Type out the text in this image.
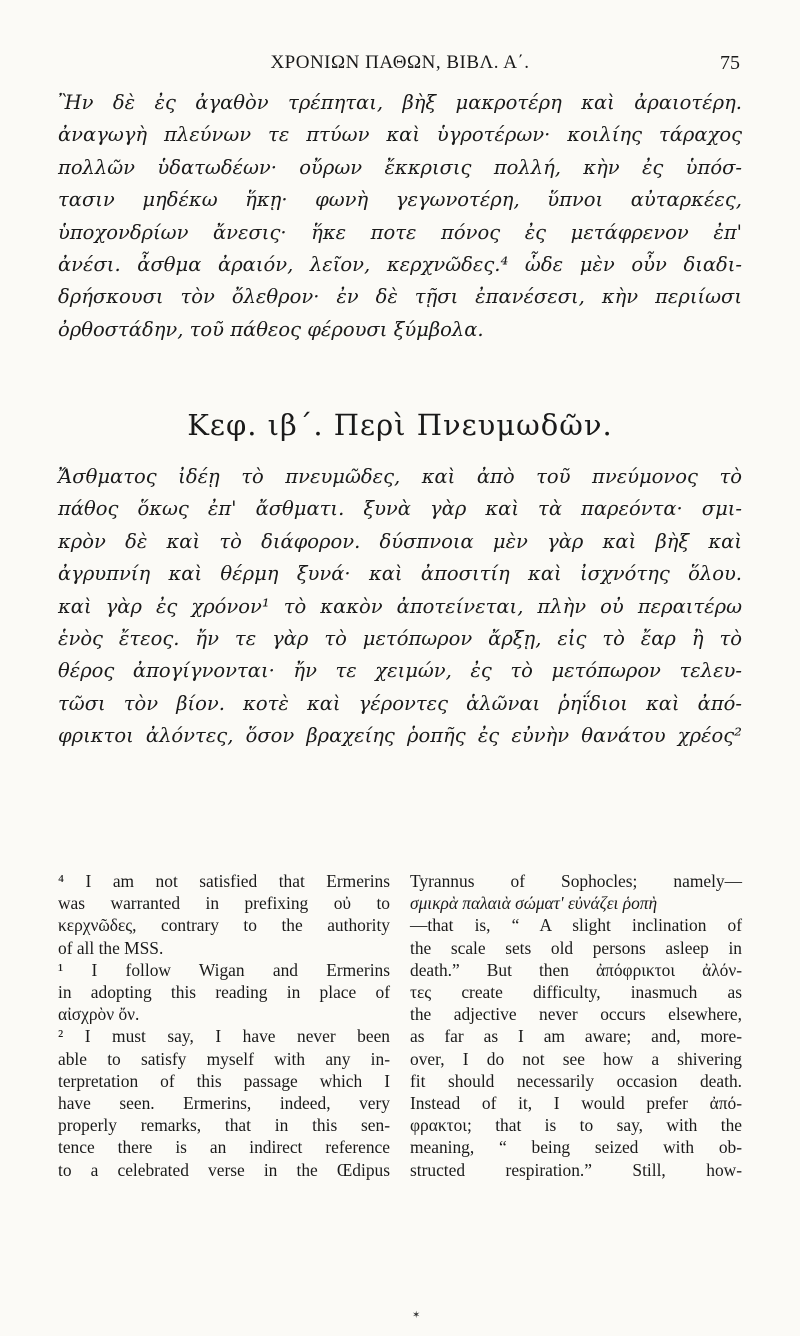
ΧΡΟΝΙΩΝ ΠΑΘΩΝ, ΒΙΒΛ. Α΄.	75
Ἢν δὲ ἐς ἀγαθὸν τρέπηται, βὴξ μακροτέρη καὶ ἀραιοτέρη.
ἀναγωγὴ πλεύνων τε πτύων καὶ ὑγροτέρων· κοιλίης τάραχος
πολλῶν ὑδατωδέων· οὔρων ἔκκρισις πολλή, κὴν ἐς ὑπόσ-
τασιν μηδέκω ἥκῃ· φωνὴ γεγωνοτέρη, ὕπνοι αὐταρκέες,
ὑποχονδρίων ἄνεσις· ἥκε ποτε πόνος ἐς μετάφρενον ἐπ'
ἀνέσι. ἆσθμα ἀραιόν, λεῖον, κερχνῶδες.⁴ ὧδε μὲν οὖν διαδι-
δρήσκουσι τὸν ὄλεθρον· ἐν δὲ τῇσι ἐπανέσεσι, κὴν περιίωσι
ὀρθοστάδην, τοῦ πάθεος φέρουσι ξύμβολα.
Κεφ. ιβ΄. Περὶ Πνευμωδῶν.
Ἄσθματος ἰδέῃ τὸ πνευμῶδες, καὶ ἀπὸ τοῦ πνεύμονος τὸ
πάθος ὅκως ἐπ' ἄσθματι. ξυνὰ γὰρ καὶ τὰ παρεόντα· σμι-
κρὸν δὲ καὶ τὸ διάφορον. δύσπνοια μὲν γὰρ καὶ βὴξ καὶ
ἀγρυπνίη καὶ θέρμη ξυνά· καὶ ἀποσιτίη καὶ ἰσχνότης ὅλου.
καὶ γὰρ ἐς χρόνον¹ τὸ κακὸν ἀποτείνεται, πλὴν οὐ περαιτέρω
ἑνὸς ἔτεος. ἤν τε γὰρ τὸ μετόπωρον ἄρξῃ, εἰς τὸ ἔαρ ἢ τὸ
θέρος ἀπογίγνονται· ἤν τε χειμών, ἐς τὸ μετόπωρον τελευ-
τῶσι τὸν βίον. κοτὲ καὶ γέροντες ἁλῶναι ῥηΐδιοι καὶ ἀπό-
φρικτοι ἀλόντες, ὅσον βραχείης ῥοπῆς ἐς εὐνὴν θανάτου χρέος²
⁴ I am not satisfied that Ermerins
was warranted in prefixing οὐ to
κερχνῶδες, contrary to the authority
of all the MSS.
¹ I follow Wigan and Ermerins
in adopting this reading in place of
αἰσχρὸν ὄν.
² I must say, I have never been
able to satisfy myself with any in-
terpretation of this passage which I
have seen. Ermerins, indeed, very
properly remarks, that in this sen-
tence there is an indirect reference
to a celebrated verse in the Œdipus
Tyrannus of Sophocles; namely—
σμικρὰ παλαιὰ σώματ' εὐνάζει ῥοπὴ
—that is, “ A slight inclination of
the scale sets old persons asleep in
death.” But then ἀπόφρικτοι ἀλόν-
τες create difficulty, inasmuch as
the adjective never occurs elsewhere,
as far as I am aware; and, more-
over, I do not see how a shivering
fit should necessarily occasion death.
Instead of it, I would prefer ἀπό-
φρακτοι; that is to say, with the
meaning, “ being seized with ob-
structed respiration.” Still, how-
✶
